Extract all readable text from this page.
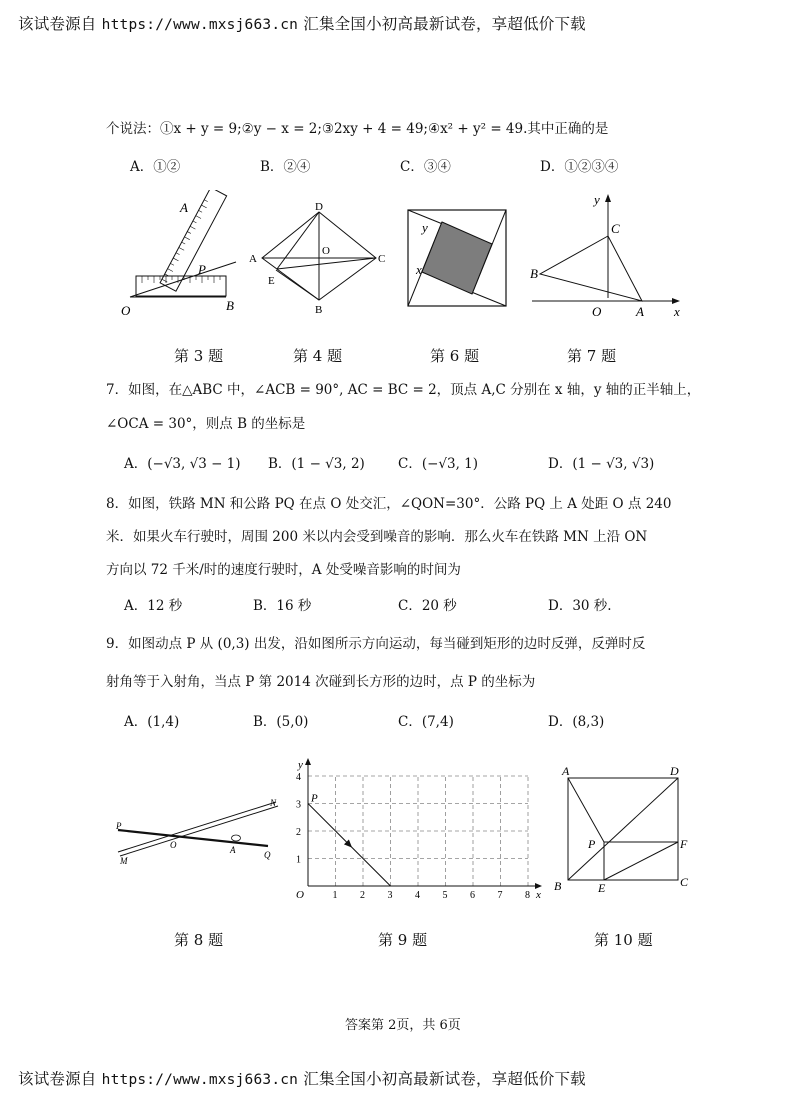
该试卷源自 https://www.mxsj663.cn 汇集全国小初高最新试卷，享超低价下载
个说法：①x + y = 9;②y − x = 2;③2xy + 4 = 49;④x² + y² = 49.其中正确的是
A．①②	B．②④	C．③④	D．①②③④
A
P
O	B
D
A
O
C
E
B
y
x
y
C
B
O	A x
第 3 题	第 4 题	第 6 题	第 7 题
7．如图，在△ABC 中，∠ACB = 90°, AC = BC = 2，顶点 A,C 分别在 x 轴，y 轴的正半轴上，
∠OCA = 30°，则点 B 的坐标是
A．(−√3, √3 − 1) B．(1 − √3, 2) C．(−√3, 1)	D．(1 − √3, √3)
8．如图，铁路 MN 和公路 PQ 在点 O 处交汇，∠QON=30°．公路 PQ 上 A 处距 O 点 240
米．如果火车行驶时，周围 200 米以内会受到噪音的影响．那么火车在铁路 MN 上沿 ON
方向以 72 千米/时的速度行驶时，A 处受噪音影响的时间为
A．12 秒	B．16 秒	C．20 秒	D．30 秒.
9．如图动点 P 从 (0,3) 出发，沿如图所示方向运动，每当碰到矩形的边时反弹，反弹时反
射角等于入射角，当点 P 第 2014 次碰到长方形的边时，点 P 的坐标为
A．(1,4)	B．(5,0)	C．(7,4)	D．(8,3)
P
N
O	A	Q
M
1 2 3 4 5 6 7 8
1
2
3
4
y
x
O
P
A	D
P	F
B	E	C
第 8 题	第 9 题	第 10 题
答案第 2页，共 6页
该试卷源自 https://www.mxsj663.cn 汇集全国小初高最新试卷，享超低价下载
